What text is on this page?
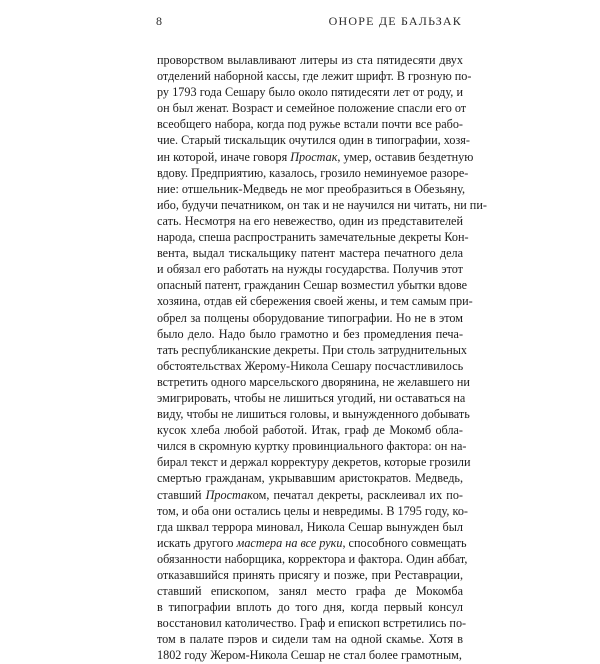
8	ОНОРЕ ДЕ БАЛЬЗАК
проворством вылавливают литеры из ста пятидесяти двух
отделений наборной кассы, где лежит шрифт. В грозную по-
ру 1793 года Сешару было около пятидесяти лет от роду, и
он был женат. Возраст и семейное положение спасли его от
всеобщего набора, когда под ружье встали почти все рабо-
чие. Старый тискальщик очутился один в типографии, хозя-
ин которой, иначе говоря Простак, умер, оставив бездетную
вдову. Предприятию, казалось, грозило неминуемое разоре-
ние: отшельник-Медведь не мог преобразиться в Обезьяну,
ибо, будучи печатником, он так и не научился ни читать, ни пи-
сать. Несмотря на его невежество, один из представителей
народа, спеша распространить замечательные декреты Кон-
вента, выдал тискальщику патент мастера печатного дела
и обязал его работать на нужды государства. Получив этот
опасный патент, гражданин Сешар возместил убытки вдове
хозяина, отдав ей сбережения своей жены, и тем самым при-
обрел за полцены оборудование типографии. Но не в этом
было дело. Надо было грамотно и без промедления печа-
тать республиканские декреты. При столь затруднительных
обстоятельствах Жерому-Никола Сешару посчастливилось
встретить одного марсельского дворянина, не желавшего ни
эмигрировать, чтобы не лишиться угодий, ни оставаться на
виду, чтобы не лишиться головы, и вынужденного добывать
кусок хлеба любой работой. Итак, граф де Мокомб облa-
чился в скромную куртку провинциального фактора: он на-
бирал текст и держал корректуру декретов, которые грозили
смертью гражданам, укрывавшим аристократов. Медведь,
ставший Простаком, печатал декреты, расклеивал их по-
том, и оба они остались целы и невредимы. В 1795 году, ко-
гда шквал террора миновал, Никола Сешар вынужден был
искать другого мастера на все руки, способного совмещать
обязанности наборщика, корректора и фактора. Один аббат,
отказавшийся принять присягу и позже, при Реставрации,
ставший епископом, занял место графа де Мокомба
в типографии вплоть до того дня, когда первый консул
восстановил католичество. Граф и епископ встретились по-
том в палате пэров и сидели там на одной скамье. Хотя в
1802 году Жером-Никола Сешар не стал более грамотным,
